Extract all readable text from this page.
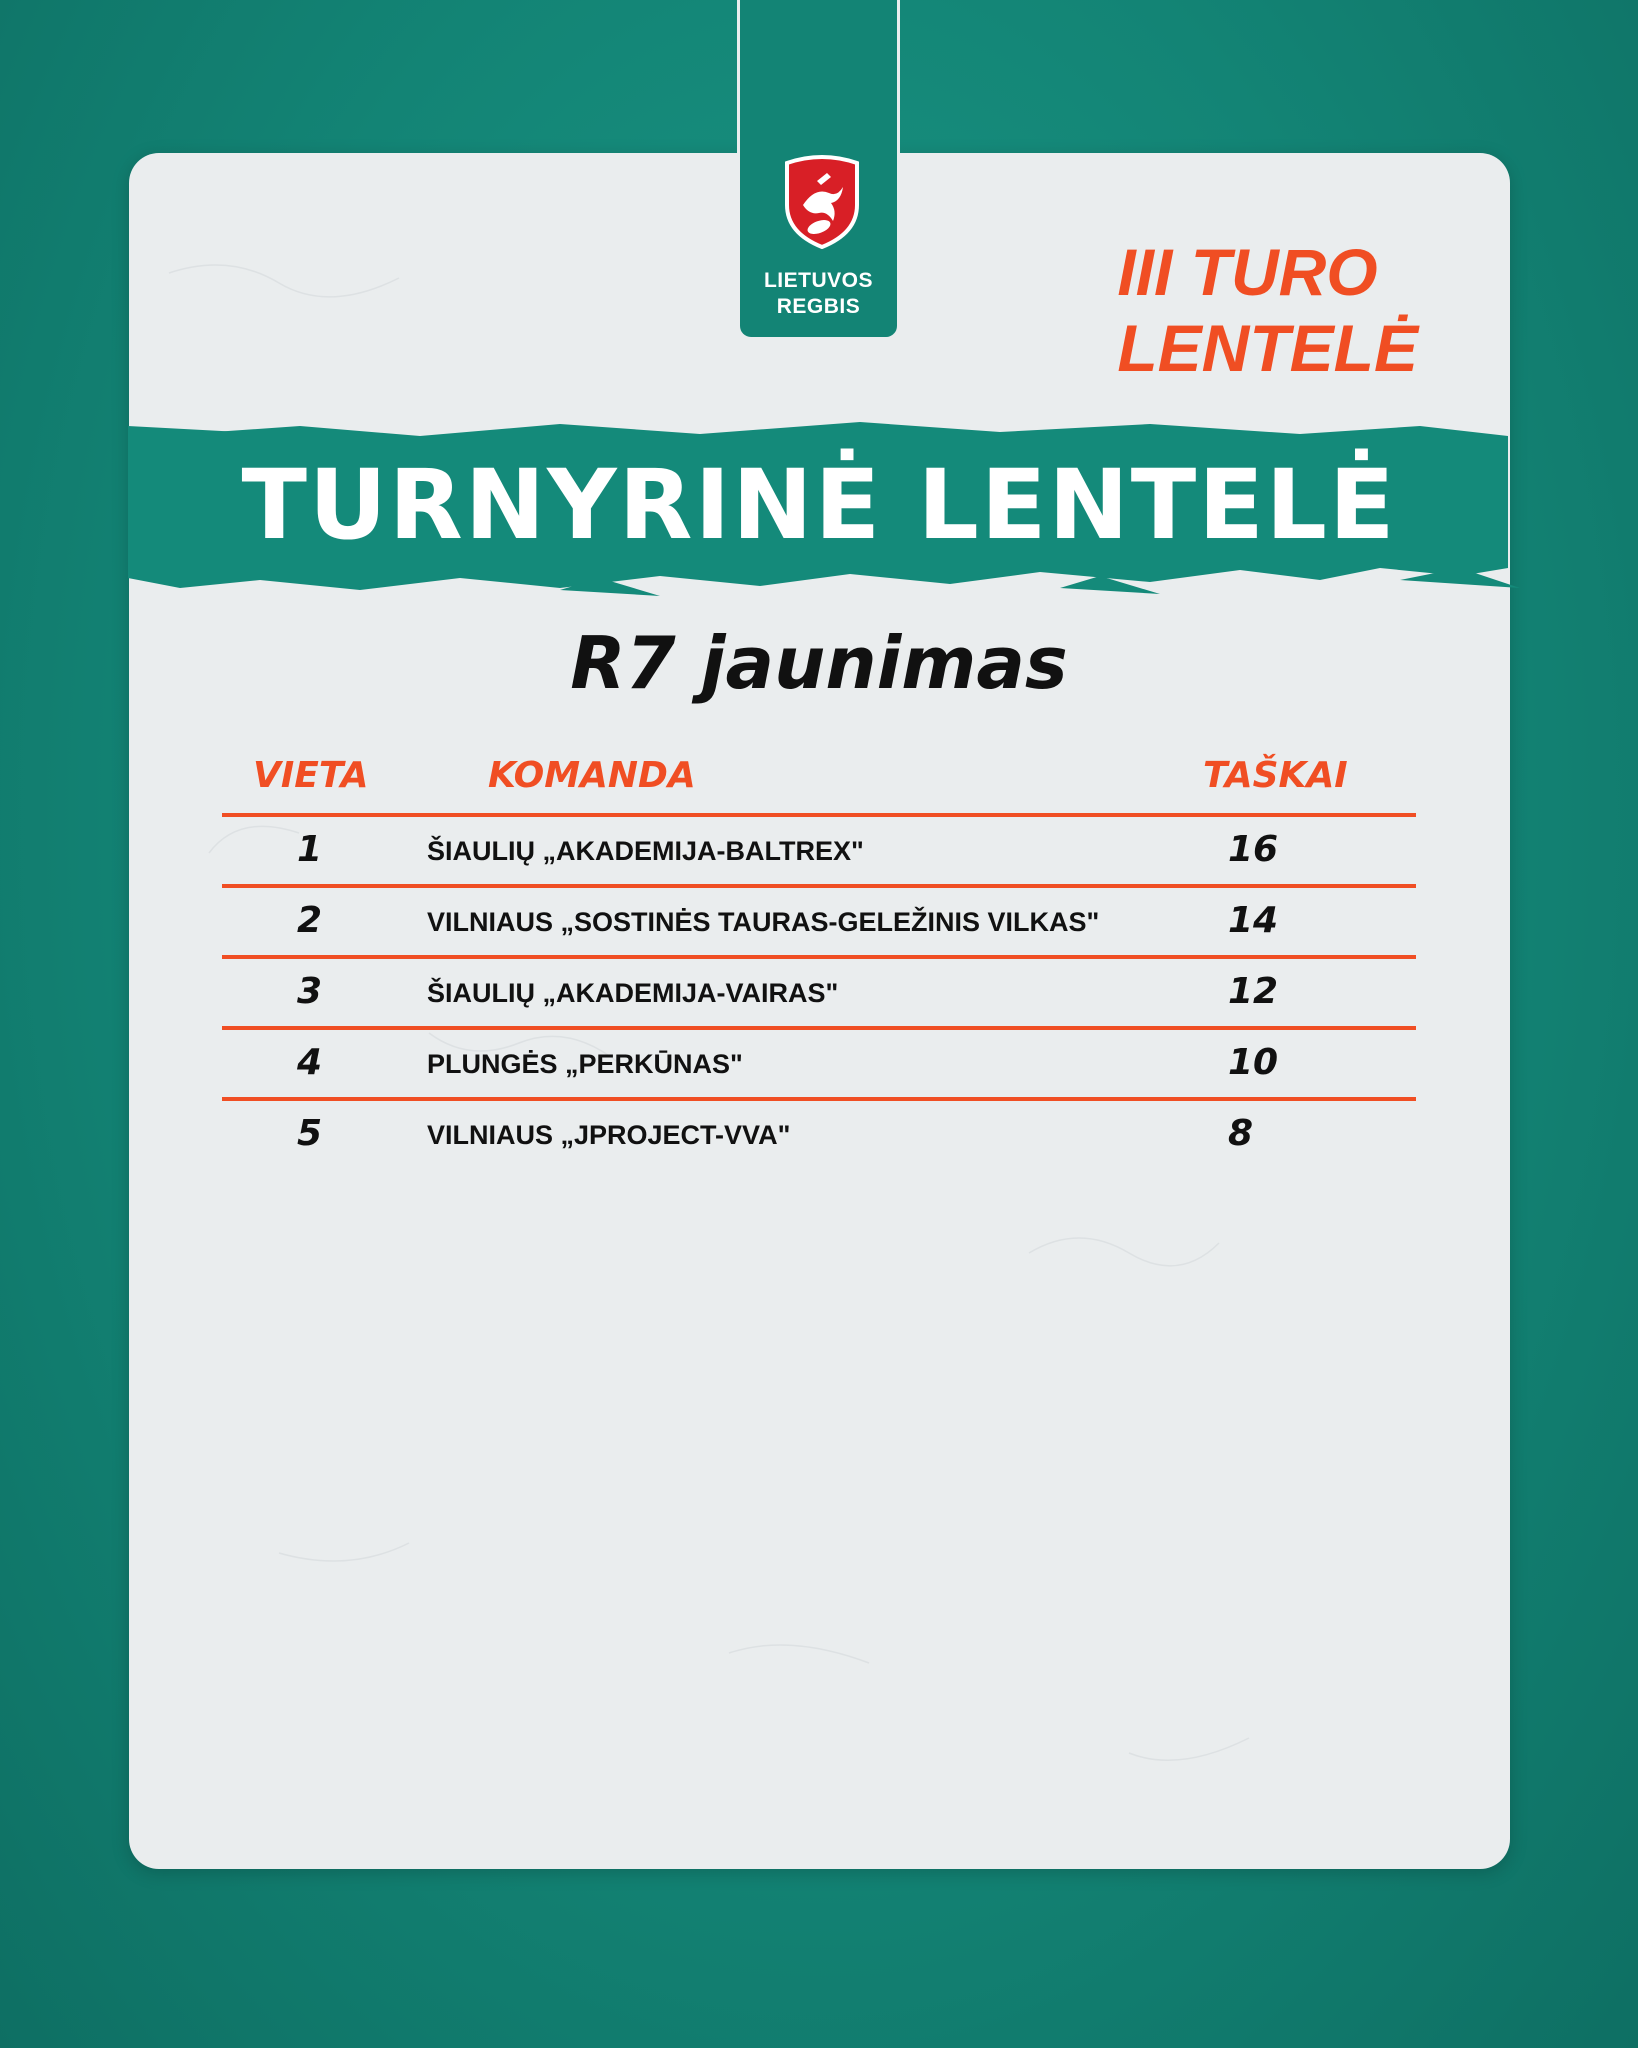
LIETUVOS
REGBIS	III TURO
LENTELĖ
TURNYRINĖ LENTELĖ
R7 jaunimas
VIETA	KOMANDA	TAŠKAI
1	ŠIAULIŲ „AKADEMIJA-BALTREX"	16
2	VILNIAUS „SOSTINĖS TAURAS-GELEŽINIS VILKAS"	14
3	ŠIAULIŲ „AKADEMIJA-VAIRAS"	12
4	PLUNGĖS „PERKŪNAS"	10
5	VILNIAUS „JPROJECT-VVA"	8
